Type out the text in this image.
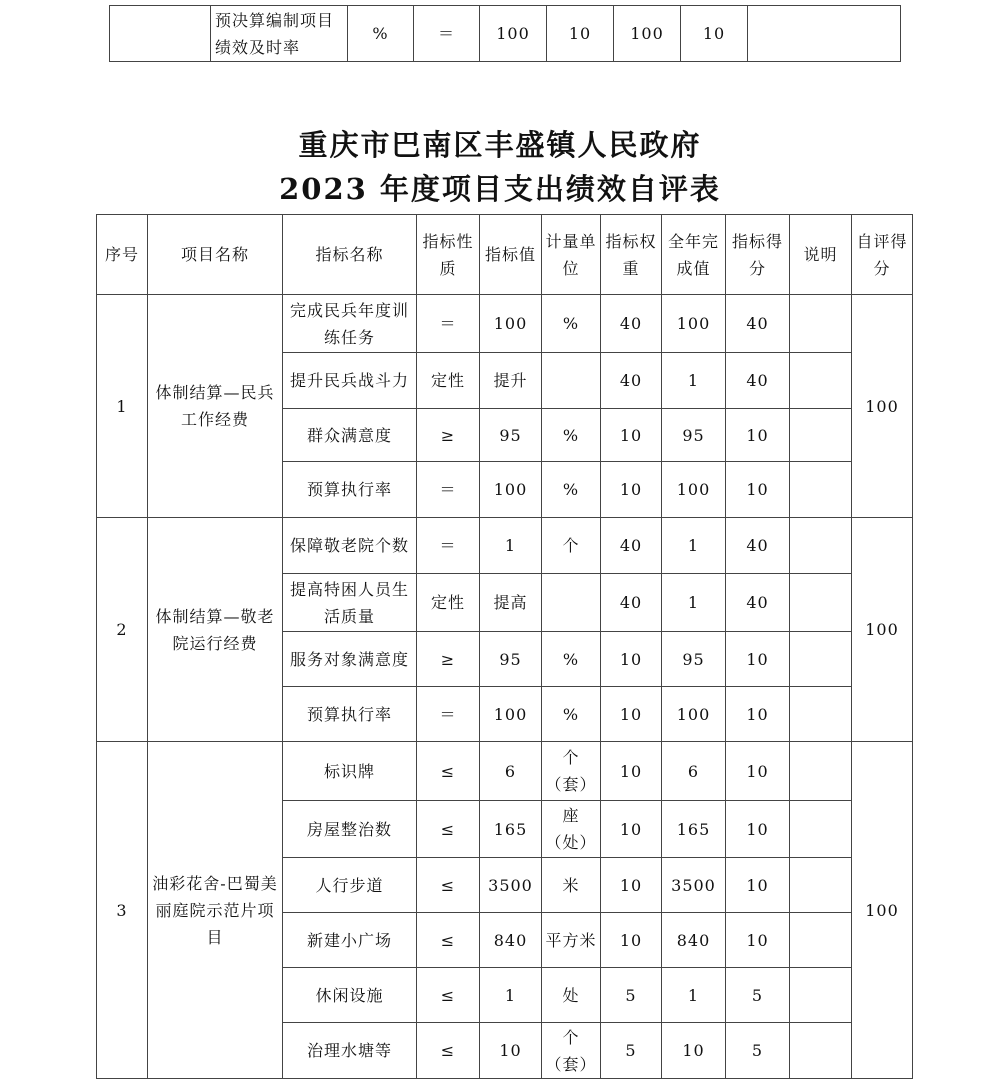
	预决算编制项目绩效及时率	%	＝	100	10	100	10	
重庆市巴南区丰盛镇人民政府
2023 年度项目支出绩效自评表
序号	项目名称	指标名称	指标性质	指标值	计量单位	指标权重	全年完成值	指标得分	说明	自评得分
1	体制结算—民兵工作经费	完成民兵年度训练任务	＝	100	%	40	100	40		100
		提升民兵战斗力	定性	提升		40	1	40		
		群众满意度	≥	95	%	10	95	10		
		预算执行率	＝	100	%	10	100	10		
2	体制结算—敬老院运行经费	保障敬老院个数	＝	1	个	40	1	40		100
		提高特困人员生活质量	定性	提高		40	1	40		
		服务对象满意度	≥	95	%	10	95	10		
		预算执行率	＝	100	%	10	100	10		
3	油彩花舍-巴蜀美丽庭院示范片项目	标识牌	≤	6	个（套）	10	6	10		100
		房屋整治数	≤	165	座（处）	10	165	10		
		人行步道	≤	3500	米	10	3500	10		
		新建小广场	≤	840	平方米	10	840	10		
		休闲设施	≤	1	处	5	1	5		
		治理水塘等	≤	10	个（套）	5	10	5		
